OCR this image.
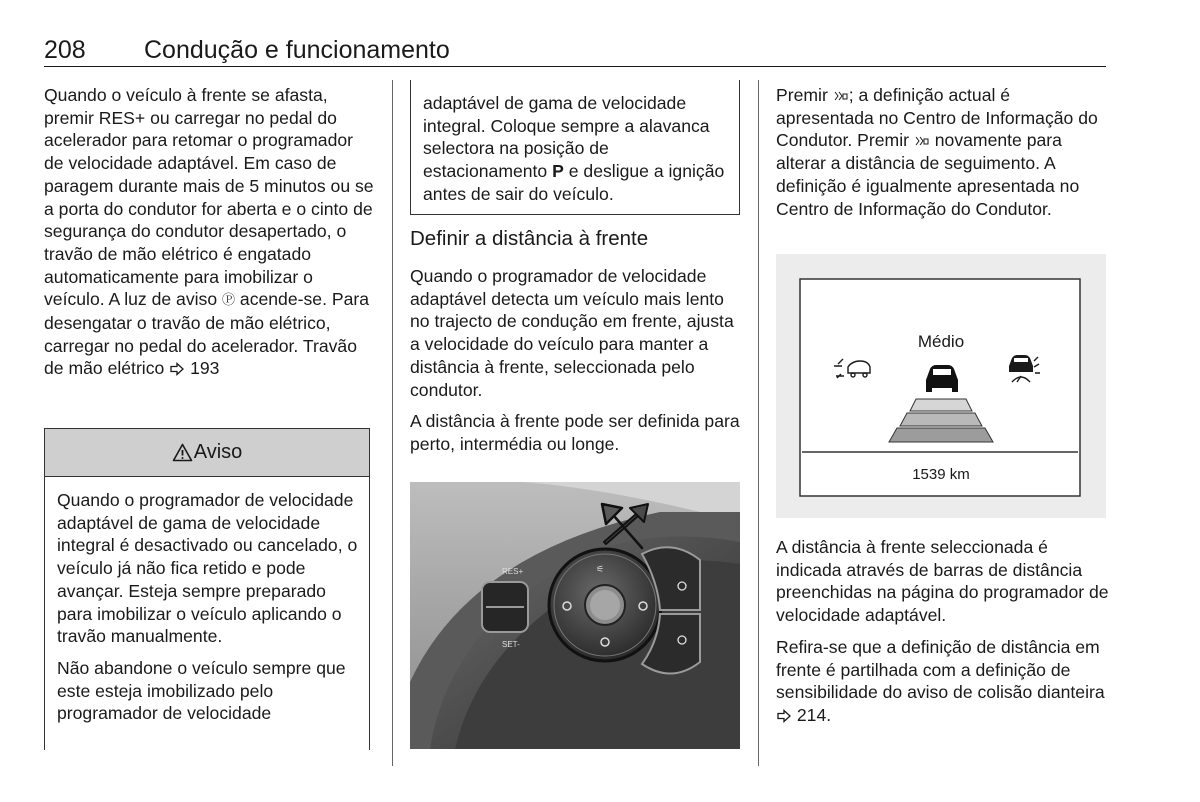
208 Condução e funcionamento

Quando o veículo à frente se afasta, premir RES+ ou carregar no pedal do acelerador para retomar o programador de velocidade adaptável. Em caso de paragem durante mais de 5 minutos ou se a porta do condutor for aberta e o cinto de segurança do condutor desapertado, o travão de mão elétrico é engatado automaticamente para imobilizar o veículo. A luz de aviso Ⓟ acende-se. Para desengatar o travão de mão elétrico, carregar no pedal do acelerador. Travão de mão elétrico  193

Aviso

Quando o programador de velocidade adaptável de gama de velocidade integral é desactivado ou cancelado, o veículo já não fica retido e pode avançar. Esteja sempre preparado para imobilizar o veículo aplicando o travão manualmente.

Não abandone o veículo sempre que este esteja imobilizado pelo programador de velocidade

adaptável de gama de velocidade integral. Coloque sempre a alavanca selectora na posição de estacionamento P e desligue a ignição antes de sair do veículo.
Definir a distância à frente

Quando o programador de velocidade adaptável detecta um veículo mais lento no trajecto de condução em frente, ajusta a velocidade do veículo para manter a distância à frente, seleccionada pelo condutor.

A distância à frente pode ser definida para perto, intermédia ou longe.

RES+
SET-
⚟

Premir ; a definição actual é apresentada no Centro de Informação do Condutor. Premir  novamente para alterar a distância de seguimento. A definição é igualmente apresentada no Centro de Informação do Condutor.

Médio
1539 km

A distância à frente seleccionada é indicada através de barras de distância preenchidas na página do programador de velocidade adaptável.

Refira-se que a definição de distância em frente é partilhada com a definição de sensibilidade do aviso de colisão dianteira  214.
